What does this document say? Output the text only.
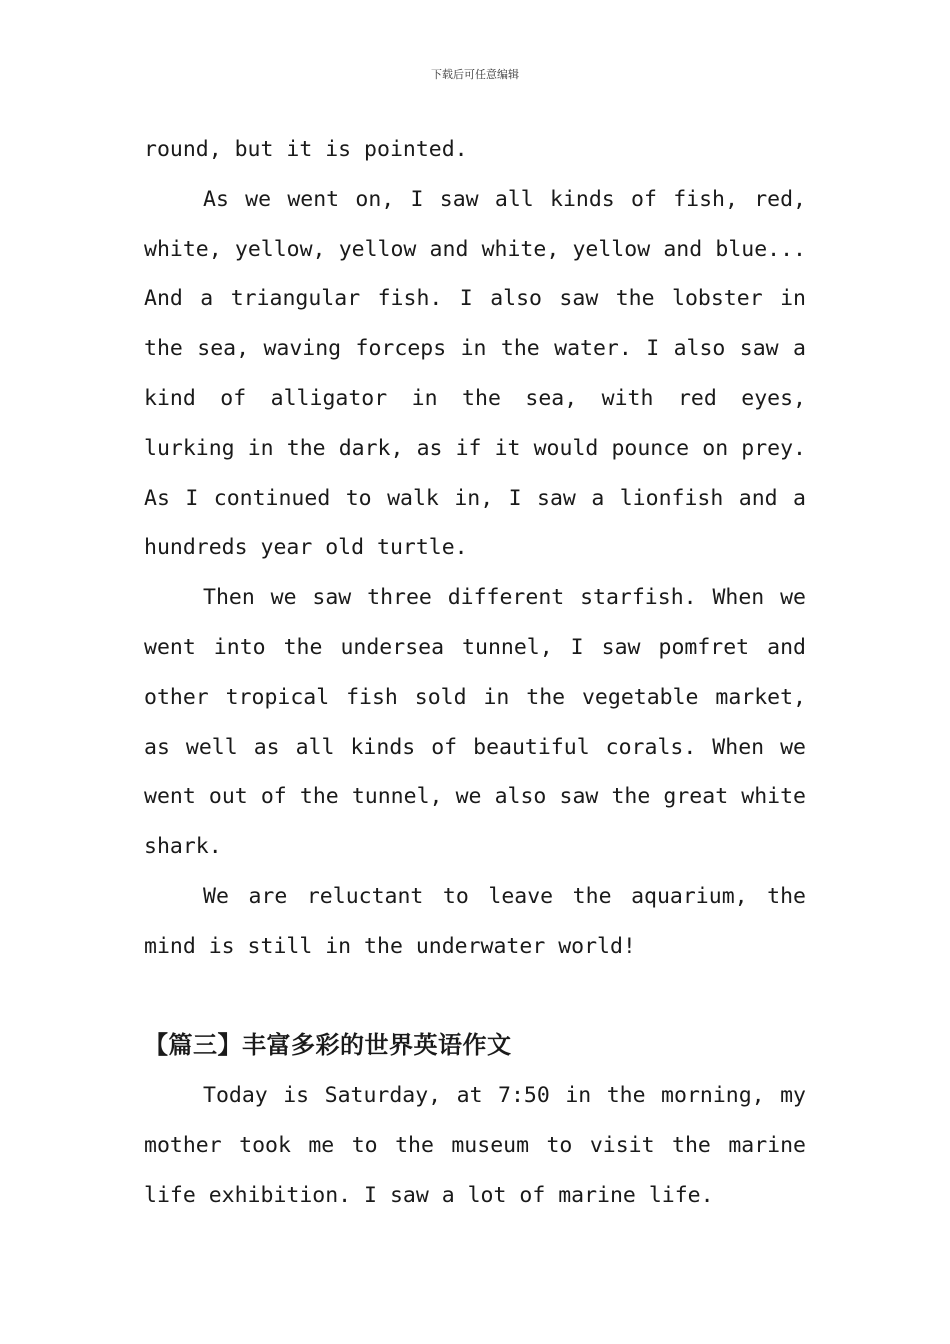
下载后可任意编辑

round, but it is pointed.

As we went on, I saw all kinds of fish, red, white, yellow, yellow and white, yellow and blue... And a triangular fish. I also saw the lobster in the sea, waving forceps in the water. I also saw a kind of alligator in the sea, with red eyes, lurking in the dark, as if it would pounce on prey. As I continued to walk in, I saw a lionfish and a hundreds year old turtle.

Then we saw three different starfish. When we went into the undersea tunnel, I saw pomfret and other tropical fish sold in the vegetable market, as well as all kinds of beautiful corals. When we went out of the tunnel, we also saw the great white shark.

We are reluctant to leave the aquarium, the mind is still in the underwater world!

【篇三】丰富多彩的世界英语作文

Today is Saturday, at 7:50 in the morning, my mother took me to the museum to visit the marine life exhibition. I saw a lot of marine life.
